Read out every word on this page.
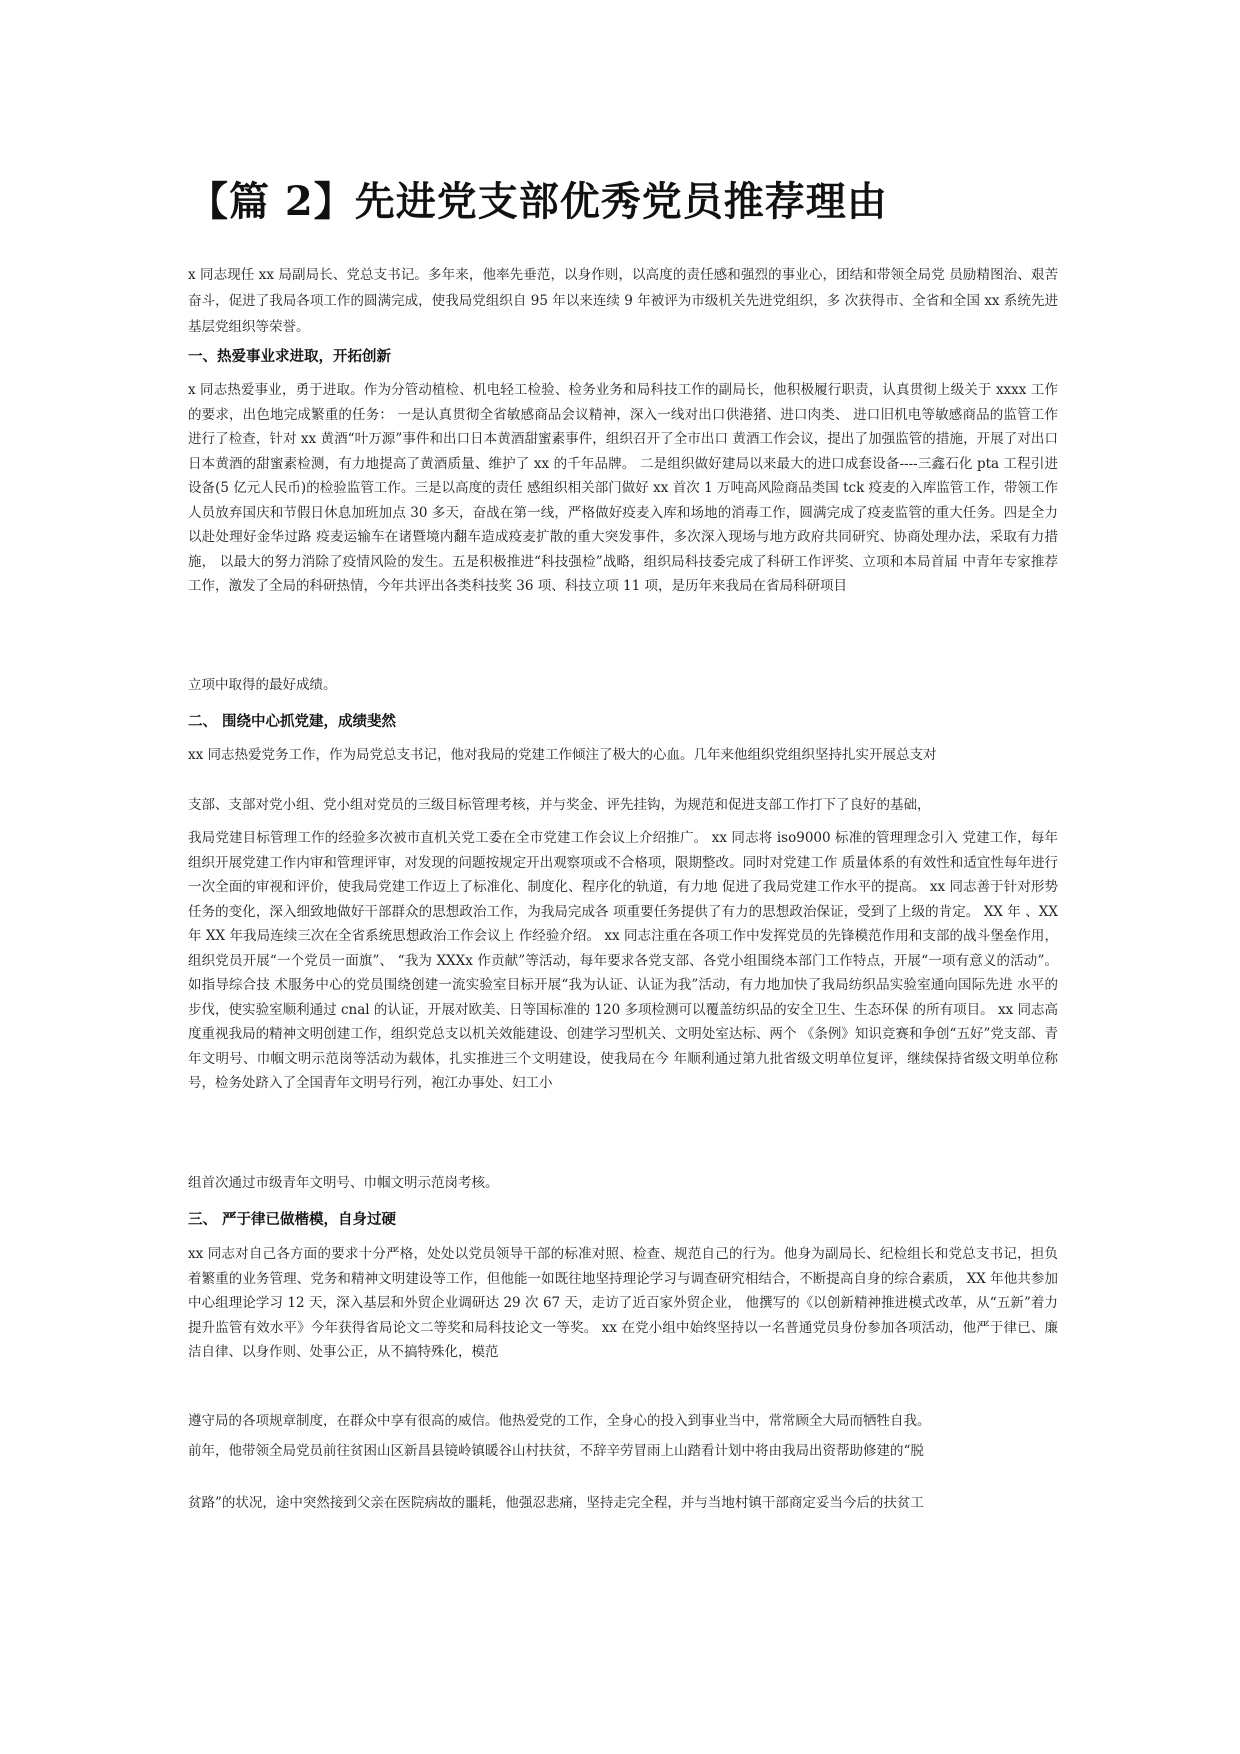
【篇 2】先进党支部优秀党员推荐理由

x 同志现任 xx 局副局长、党总支书记。多年来，他率先垂范，以身作则，以高度的责任感和强烈的事业心，团结和带领全局党 员励精图治、艰苦奋斗，促进了我局各项工作的圆满完成，使我局党组织自 95 年以来连续 9 年被评为市级机关先进党组织，多 次获得市、全省和全国 xx 系统先进基层党组织等荣誉。

一、热爱事业求进取，开拓创新

x 同志热爱事业，勇于进取。作为分管动植检、机电轻工检验、检务业务和局科技工作的副局长，他积极履行职责，认真贯彻上级关于 xxxx 工作的要求，出色地完成繁重的任务： 一是认真贯彻全省敏感商品会议精神，深入一线对出口供港猪、进口肉类、 进口旧机电等敏感商品的监管工作进行了检查，针对 xx 黄酒“叶万源”事件和出口日本黄酒甜蜜素事件，组织召开了全市出口 黄酒工作会议，提出了加强监管的措施，开展了对出口日本黄酒的甜蜜素检测，有力地提高了黄酒质量、维护了 xx 的千年品牌。 二是组织做好建局以来最大的进口成套设备----三鑫石化 pta 工程引进设备(5 亿元人民币)的检验监管工作。三是以高度的责任 感组织相关部门做好 xx 首次 1 万吨高风险商品类国 tck 疫麦的入库监管工作，带领工作人员放弃国庆和节假日休息加班加点 30 多天，奋战在第一线，严格做好疫麦入库和场地的消毒工作，圆满完成了疫麦监管的重大任务。四是全力以赴处理好金华过路 疫麦运输车在诸暨境内翻车造成疫麦扩散的重大突发事件，多次深入现场与地方政府共同研究、协商处理办法，采取有力措施， 以最大的努力消除了疫情风险的发生。五是积极推进“科技强检”战略，组织局科技委完成了科研工作评奖、立项和本局首届 中青年专家推荐工作，激发了全局的科研热情，今年共评出各类科技奖 36 项、科技立项 11 项，是历年来我局在省局科研项目

立项中取得的最好成绩。

二、 围绕中心抓党建，成绩斐然

xx 同志热爱党务工作，作为局党总支书记，他对我局的党建工作倾注了极大的心血。几年来他组织党组织坚持扎实开展总支对

支部、支部对党小组、党小组对党员的三级目标管理考核，并与奖金、评先挂钩，为规范和促进支部工作打下了良好的基础，

我局党建目标管理工作的经验多次被市直机关党工委在全市党建工作会议上介绍推广。 xx 同志将 iso9000 标准的管理理念引入 党建工作，每年组织开展党建工作内审和管理评审，对发现的问题按规定开出观察项或不合格项，限期整改。同时对党建工作 质量体系的有效性和适宜性每年进行一次全面的审视和评价，使我局党建工作迈上了标准化、制度化、程序化的轨道，有力地 促进了我局党建工作水平的提高。 xx 同志善于针对形势任务的变化，深入细致地做好干部群众的思想政治工作，为我局完成各 项重要任务提供了有力的思想政治保证，受到了上级的肯定。 XX 年 、XX 年 XX 年我局连续三次在全省系统思想政治工作会议上 作经验介绍。 xx 同志注重在各项工作中发挥党员的先锋模范作用和支部的战斗堡垒作用，组织党员开展“一个党员一面旗”、 “我为 XXXx 作贡献”等活动，每年要求各党支部、各党小组围绕本部门工作特点，开展“一项有意义的活动”。如指导综合技 术服务中心的党员围绕创建一流实验室目标开展“我为认证、认证为我”活动，有力地加快了我局纺织品实验室通向国际先进 水平的步伐，使实验室顺利通过 cnal 的认证，开展对欧美、日等国标准的 120 多项检测可以覆盖纺织品的安全卫生、生态环保 的所有项目。 xx 同志高度重视我局的精神文明创建工作，组织党总支以机关效能建设、创建学习型机关、文明处室达标、两个 《条例》知识竞赛和争创“五好”党支部、青年文明号、巾帼文明示范岗等活动为载体，扎实推进三个文明建设，使我局在今 年顺利通过第九批省级文明单位复评，继续保持省级文明单位称号，检务处跻入了全国青年文明号行列，袍江办事处、妇工小

组首次通过市级青年文明号、巾帼文明示范岗考核。

三、 严于律已做楷模，自身过硬

xx 同志对自己各方面的要求十分严格，处处以党员领导干部的标准对照、检查、规范自己的行为。他身为副局长、纪检组长和党总支书记，担负着繁重的业务管理、党务和精神文明建设等工作，但他能一如既往地坚持理论学习与调查研究相结合，不断提高自身的综合素质， XX 年他共参加中心组理论学习 12 天，深入基层和外贸企业调研达 29 次 67 天，走访了近百家外贸企业， 他撰写的《以创新精神推进模式改革，从“五新”着力提升监管有效水平》今年获得省局论文二等奖和局科技论文一等奖。 xx 在党小组中始终坚持以一名普通党员身份参加各项活动，他严于律已、廉洁自律、以身作则、处事公正，从不搞特殊化，模范

遵守局的各项规章制度，在群众中享有很高的威信。他热爱党的工作，全身心的投入到事业当中，常常顾全大局而牺牲自我。

前年，他带领全局党员前往贫困山区新昌县镜岭镇暖谷山村扶贫，不辞辛劳冒雨上山踏看计划中将由我局出资帮助修建的“脱

贫路”的状况，途中突然接到父亲在医院病故的噩耗，他强忍悲痛，坚持走完全程，并与当地村镇干部商定妥当今后的扶贫工
